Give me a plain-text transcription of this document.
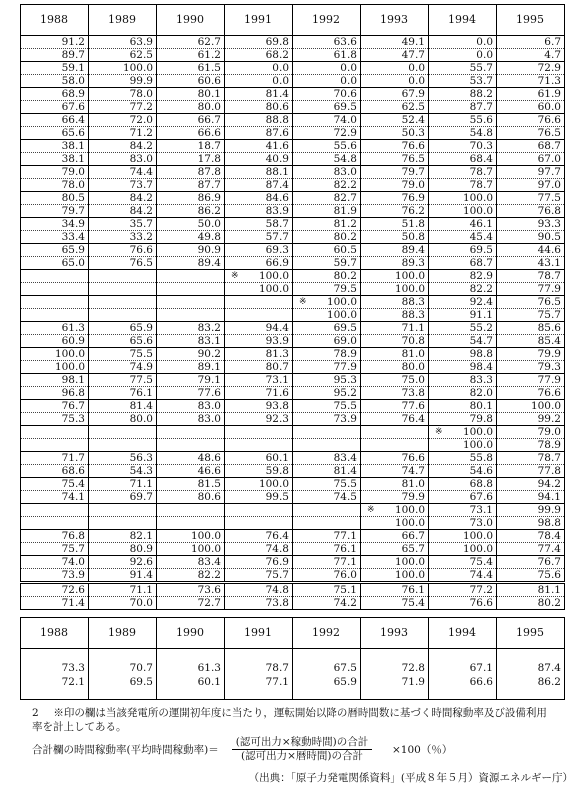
1988	1989	1990	1991	1992	1993	1994	1995
91.2	63.9	62.7	69.8	63.6	49.1	0.0	6.7
89.7	62.5	61.2	68.2	61.8	47.7	0.0	4.7
59.1	100.0	61.5	0.0	0.0	0.0	55.7	72.9
58.0	99.9	60.6	0.0	0.0	0.0	53.7	71.3
68.9	78.0	80.1	81.4	70.6	67.9	88.2	61.9
67.6	77.2	80.0	80.6	69.5	62.5	87.7	60.0
66.4	72.0	66.7	88.8	74.0	52.4	55.6	76.6
65.6	71.2	66.6	87.6	72.9	50.3	54.8	76.5
38.1	84.2	18.7	41.6	55.6	76.6	70.3	68.7
38.1	83.0	17.8	40.9	54.8	76.5	68.4	67.0
79.0	74.4	87.8	88.1	83.0	79.7	78.7	97.7
78.0	73.7	87.7	87.4	82.2	79.0	78.7	97.0
80.5	84.2	86.9	84.6	82.7	76.9	100.0	77.5
79.7	84.2	86.2	83.9	81.9	76.2	100.0	76.8
34.9	35.7	50.0	58.7	81.2	51.8	46.1	93.3
33.4	33.2	49.8	57.7	80.2	50.8	45.4	90.5
65.9	76.6	90.9	69.3	60.5	89.4	69.5	44.6
65.0	76.5	89.4	66.9	59.7	89.3	68.7	43.1

			※ 100.0	80.2	100.0	82.9	78.7
			100.0	79.5	100.0	82.2	77.9

				※ 100.0	88.3	92.4	76.5
				100.0	88.3	91.1	75.7
61.3	65.9	83.2	94.4	69.5	71.1	55.2	85.6
60.9	65.6	83.1	93.9	69.0	70.8	54.7	85.4
100.0	75.5	90.2	81.3	78.9	81.0	98.8	79.9
100.0	74.9	89.1	80.7	77.9	80.0	98.4	79.3
98.1	77.5	79.1	73.1	95.3	75.0	83.3	77.9
96.8	76.1	77.6	71.6	95.2	73.8	82.0	76.6
76.7	81.4	83.0	93.8	75.5	77.6	80.1	100.0
75.3	80.0	83.0	92.3	73.9	76.4	79.8	99.2

						※ 100.0	79.0
						100.0	78.9
71.7	56.3	48.6	60.1	83.4	76.6	55.8	78.7
68.6	54.3	46.6	59.8	81.4	74.7	54.6	77.8
75.4	71.1	81.5	100.0	75.5	81.0	68.8	94.2
74.1	69.7	80.6	99.5	74.5	79.9	67.6	94.1

					※ 100.0	73.1	99.9
					100.0	73.0	98.8
76.8	82.1	100.0	76.4	77.1	66.7	100.0	78.4
75.7	80.9	100.0	74.8	76.1	65.7	100.0	77.4
74.0	92.6	83.4	76.9	77.1	100.0	75.4	76.7
73.9	91.4	82.2	75.7	76.0	100.0	74.4	75.6
72.6	71.1	73.6	74.8	75.1	76.1	77.2	81.1
71.4	70.0	72.7	73.8	74.2	75.4	76.6	80.2
1988	1989	1990	1991	1992	1993	1994	1995
73.3	70.7	61.3	78.7	67.5	72.8	67.1	87.4
72.1	69.5	60.1	77.1	65.9	71.9	66.6	86.2
2 ※印の欄は当該発電所の運開初年度に当たり，運転開始以降の暦時間数に基づく時間稼動率及び設備利用率を計上してある。
合計欄の時間稼動率(平均時間稼動率)＝
(認可出力×稼動時間)の合計
(認可出力×暦時間)の合計	×100（％）
（出典：「原子力発電関係資料」(平成８年５月）資源エネルギー庁）
